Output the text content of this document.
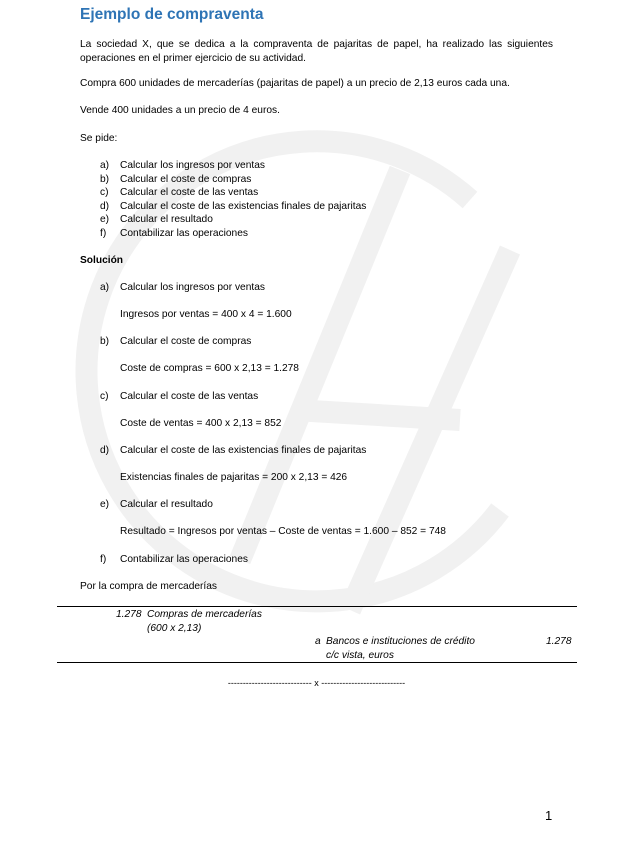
Ejemplo de compraventa
La sociedad X, que se dedica a la compraventa de pajaritas de papel, ha realizado las siguientes operaciones en el primer ejercicio de su actividad.
Compra 600 unidades de mercaderías (pajaritas de papel) a un precio de 2,13 euros cada una.
Vende 400 unidades a un precio de 4 euros.
Se pide:
a) Calcular los ingresos por ventas
b) Calcular el coste de compras
c) Calcular el coste de las ventas
d) Calcular el coste de las existencias finales de pajaritas
e) Calcular el resultado
f) Contabilizar las operaciones
Solución
a) Calcular los ingresos por ventas
Ingresos por ventas = 400 x 4 = 1.600
b) Calcular el coste de compras
Coste de compras = 600 x 2,13 = 1.278
c) Calcular el coste de las ventas
Coste de ventas = 400 x 2,13 = 852
d) Calcular el coste de las existencias finales de pajaritas
Existencias finales de pajaritas = 200 x 2,13 = 426
e) Calcular el resultado
Resultado = Ingresos por ventas – Coste de ventas = 1.600 – 852 = 748
f) Contabilizar las operaciones
Por la compra de mercaderías
1.278 Compras de mercaderías
(600 x 2,13)
a Bancos e instituciones de crédito
c/c vista, euros
1.278
---------------------------- x ----------------------------
1
